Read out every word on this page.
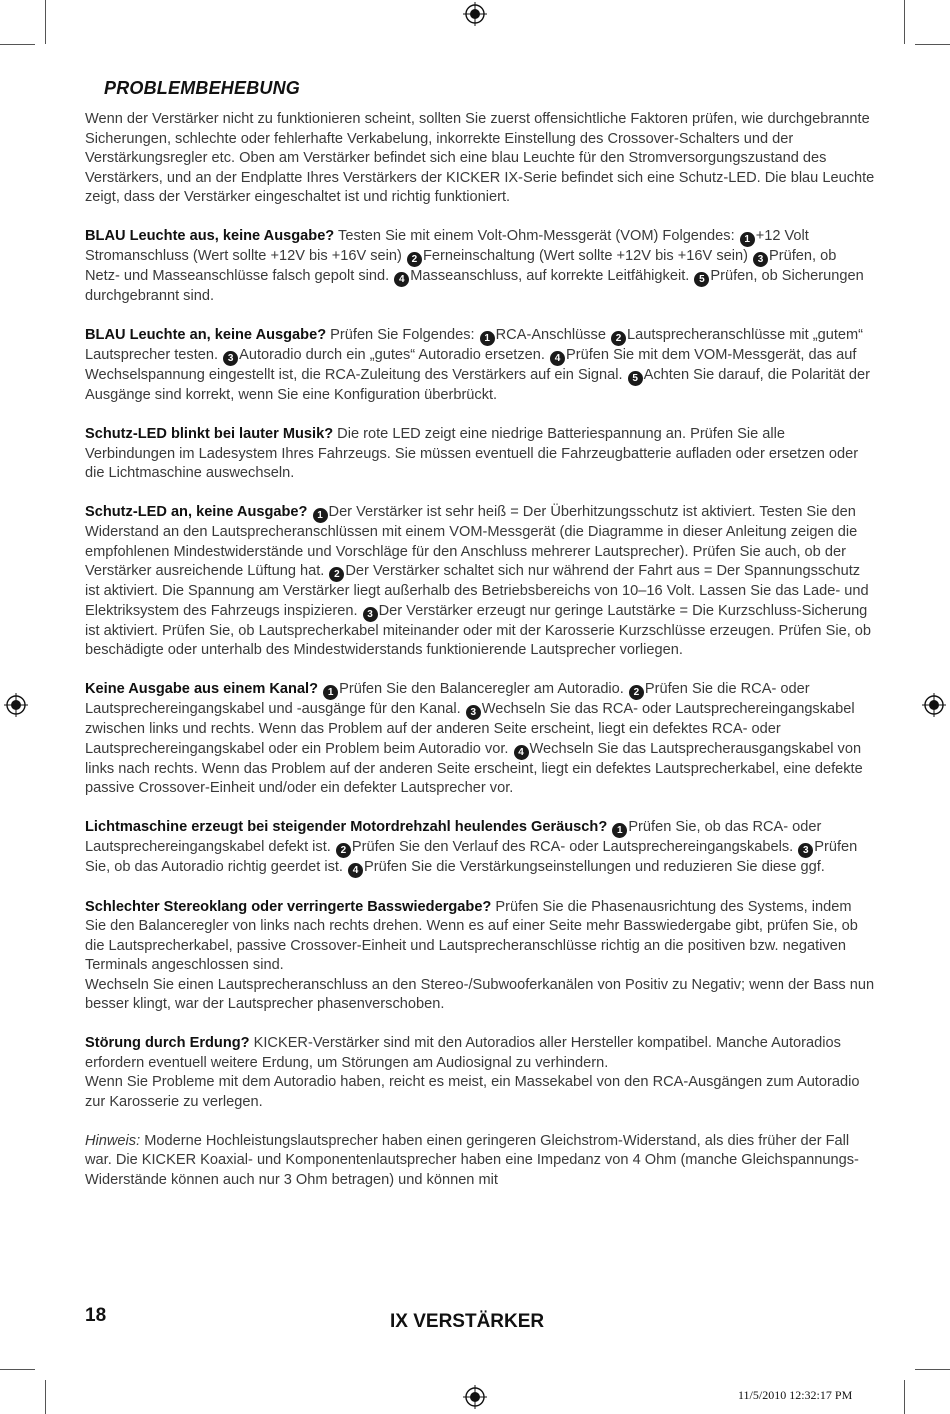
PROBLEMBEHEBUNG

Wenn der Verstärker nicht zu funktionieren scheint, sollten Sie zuerst offensichtliche Faktoren prüfen, wie durchgebrannte Sicherungen, schlechte oder fehlerhafte Verkabelung, inkorrekte Einstellung des Crossover-Schalters und der Verstärkungsregler etc. Oben am Verstärker befindet sich eine blau Leuchte für den Stromversorgungszustand des Verstärkers, und an der Endplatte Ihres Verstärkers der KICKER IX-Serie befindet sich eine Schutz-LED. Die blau Leuchte zeigt, dass der Verstärker eingeschaltet ist und richtig funktioniert.

BLAU Leuchte aus, keine Ausgabe? Testen Sie mit einem Volt-Ohm-Messgerät (VOM) Folgendes: 1 +12 Volt Stromanschluss (Wert sollte +12V bis +16V sein) 2 Ferneinschaltung (Wert sollte +12V bis +16V sein) 3 Prüfen, ob Netz- und Masseanschlüsse falsch gepolt sind. 4 Masseanschluss, auf korrekte Leitfähigkeit. 5 Prüfen, ob Sicherungen durchgebrannt sind.

BLAU Leuchte an, keine Ausgabe? Prüfen Sie Folgendes: 1 RCA-Anschlüsse 2 Lautsprecheranschlüsse mit „gutem“ Lautsprecher testen. 3 Autoradio durch ein „gutes“ Autoradio ersetzen. 4 Prüfen Sie mit dem VOM-Messgerät, das auf Wechselspannung eingestellt ist, die RCA-Zuleitung des Verstärkers auf ein Signal. 5 Achten Sie darauf, die Polarität der Ausgänge sind korrekt, wenn Sie eine Konfiguration überbrückt.

Schutz-LED blinkt bei lauter Musik? Die rote LED zeigt eine niedrige Batteriespannung an. Prüfen Sie alle Verbindungen im Ladesystem Ihres Fahrzeugs. Sie müssen eventuell die Fahrzeugbatterie aufladen oder ersetzen oder die Lichtmaschine auswechseln.

Schutz-LED an, keine Ausgabe? 1 Der Verstärker ist sehr heiß = Der Überhitzungsschutz ist aktiviert. Testen Sie den Widerstand an den Lautsprecheranschlüssen mit einem VOM-Messgerät (die Diagramme in dieser Anleitung zeigen die empfohlenen Mindestwiderstände und Vorschläge für den Anschluss mehrerer Lautsprecher). Prüfen Sie auch, ob der Verstärker ausreichende Lüftung hat. 2 Der Verstärker schaltet sich nur während der Fahrt aus = Der Spannungsschutz ist aktiviert. Die Spannung am Verstärker liegt außerhalb des Betriebsbereichs von 10–16 Volt. Lassen Sie das Lade- und Elektriksystem des Fahrzeugs inspizieren. 3 Der Verstärker erzeugt nur geringe Lautstärke = Die Kurzschluss-Sicherung ist aktiviert. Prüfen Sie, ob Lautsprecherkabel miteinander oder mit der Karosserie Kurzschlüsse erzeugen. Prüfen Sie, ob beschädigte oder unterhalb des Mindestwiderstands funktionierende Lautsprecher vorliegen.

Keine Ausgabe aus einem Kanal? 1 Prüfen Sie den Balanceregler am Autoradio. 2 Prüfen Sie die RCA- oder Lautsprechereingangskabel und -ausgänge für den Kanal. 3 Wechseln Sie das RCA- oder Lautsprechereingangskabel zwischen links und rechts. Wenn das Problem auf der anderen Seite erscheint, liegt ein defektes RCA- oder Lautsprechereingangskabel oder ein Problem beim Autoradio vor. 4 Wechseln Sie das Lautsprecherausgangskabel von links nach rechts. Wenn das Problem auf der anderen Seite erscheint, liegt ein defektes Lautsprecherkabel, eine defekte passive Crossover-Einheit und/oder ein defekter Lautsprecher vor.

Lichtmaschine erzeugt bei steigender Motordrehzahl heulendes Geräusch? 1 Prüfen Sie, ob das RCA- oder Lautsprechereingangskabel defekt ist. 2 Prüfen Sie den Verlauf des RCA- oder Lautsprechereingangskabels. 3 Prüfen Sie, ob das Autoradio richtig geerdet ist. 4 Prüfen Sie die Verstärkungseinstellungen und reduzieren Sie diese ggf.

Schlechter Stereoklang oder verringerte Basswiedergabe? Prüfen Sie die Phasenausrichtung des Systems, indem Sie den Balanceregler von links nach rechts drehen. Wenn es auf einer Seite mehr Basswiedergabe gibt, prüfen Sie, ob die Lautsprecherkabel, passive Crossover-Einheit und Lautsprecheranschlüsse richtig an die positiven bzw. negativen Terminals angeschlossen sind.
Wechseln Sie einen Lautsprecheranschluss an den Stereo-/Subwooferkanälen von Positiv zu Negativ; wenn der Bass nun besser klingt, war der Lautsprecher phasenverschoben.

Störung durch Erdung? KICKER-Verstärker sind mit den Autoradios aller Hersteller kompatibel. Manche Autoradios erfordern eventuell weitere Erdung, um Störungen am Audiosignal zu verhindern.
Wenn Sie Probleme mit dem Autoradio haben, reicht es meist, ein Massekabel von den RCA-Ausgängen zum Autoradio zur Karosserie zu verlegen.

Hinweis: Moderne Hochleistungslautsprecher haben einen geringeren Gleichstrom-Widerstand, als dies früher der Fall war. Die KICKER Koaxial- und Komponentenlautsprecher haben eine Impedanz von 4 Ohm (manche Gleichspannungs-Widerstände können auch nur 3 Ohm betragen) und können mit

18	IX VERSTÄRKER
11/5/2010 12:32:17 PM
